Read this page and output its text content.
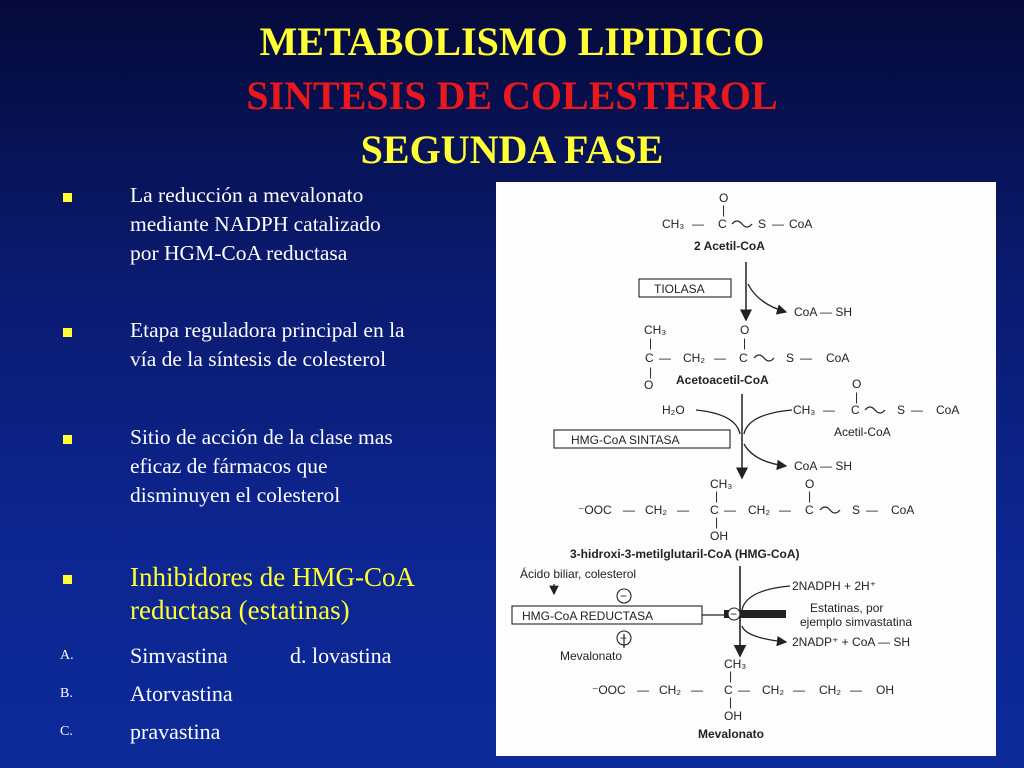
METABOLISMO LIPIDICO
SINTESIS DE COLESTEROL
SEGUNDA FASE
La reducción a mevalonato
mediante NADPH catalizado
por HGM-CoA reductasa
Etapa reguladora principal en la
vía de la síntesis de colesterol
Sitio de acción de la clase mas
eficaz de fármacos que
disminuyen el colesterol
Inhibidores de HMG-CoA
reductasa (estatinas)
A.	Simvastina	d. lovastina
B.	Atorvastina
C.	pravastina
O
|
CH₃ — C	S — CoA
2 Acetil-CoA
TIOLASA
CoA — SH
CH₃
|
O
|
C — CH₂ — C	S — CoA
|
O Acetoacetil-CoA
H₂O
O
|
CH₃ — C	S — CoA
Acetil-CoA
HMG-CoA SINTASA
CoA — SH
CH₃
|
O
|
⁻OOC — CH₂ — C — CH₂ — C	S — CoA
|
OH
3-hidroxi-3-metilglutaril-CoA (HMG-CoA)
Ácido biliar, colesterol
−
HMG-CoA REDUCTASA
−
Mevalonato
2NADPH + 2H⁺
Estatinas, por
ejemplo simvastatina
2NADP⁺ + CoA — SH
−
CH₃
|
⁻OOC — CH₂ — C — CH₂ — CH₂ — OH
|
OH
Mevalonato
